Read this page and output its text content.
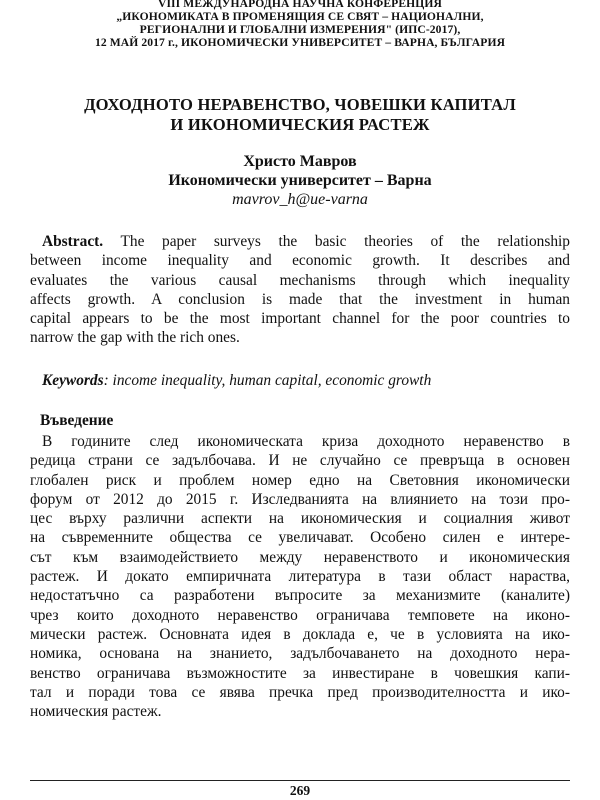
VIII МЕЖДУНАРОДНА НАУЧНА КОНФЕРЕНЦИЯ
„ИКОНОМИКАТА В ПРОМЕНЯЩИЯ СЕ СВЯТ – НАЦИОНАЛНИ,
РЕГИОНАЛНИ И ГЛОБАЛНИ ИЗМЕРЕНИЯ" (ИПС-2017),
12 МАЙ 2017 г., ИКОНОМИЧЕСКИ УНИВЕРСИТЕТ – ВАРНА, БЪЛГАРИЯ
ДОХОДНОТО НЕРАВЕНСТВО, ЧОВЕШКИ КАПИТАЛ
И ИКОНОМИЧЕСКИЯ РАСТЕЖ
Христо Мавров
Икономически университет – Варна
mavrov_h@ue-varna
Abstract. The paper surveys the basic theories of the relationship
between income inequality and economic growth. It describes and
evaluates the various causal mechanisms through which inequality
affects growth. A conclusion is made that the investment in human
capital appears to be the most important channel for the poor countries to
narrow the gap with the rich ones.
Keywords: income inequality, human capital, economic growth
Въведение
В годините след икономическата криза доходното неравенство в
редица страни се задълбочава. И не случайно се превръща в основен
глобален риск и проблем номер едно на Световния икономически
форум от 2012 до 2015 г. Изследванията на влиянието на този про-
цес върху различни аспекти на икономическия и социалния живот
на съвременните общества се увеличават. Особено силен е интере-
сът към взаимодействието между неравенството и икономическия
растеж. И докато емпиричната литература в тази област нараства,
недостатъчно са разработени въпросите за механизмите (каналите)
чрез които доходното неравенство ограничава темповете на иконо-
мически растеж. Основната идея в доклада е, че в условията на ико-
номика, основана на знанието, задълбочаването на доходното нера-
венство ограничава възможностите за инвестиране в човешкия капи-
тал и поради това се явява пречка пред производителността и ико-
номическия растеж.
269
